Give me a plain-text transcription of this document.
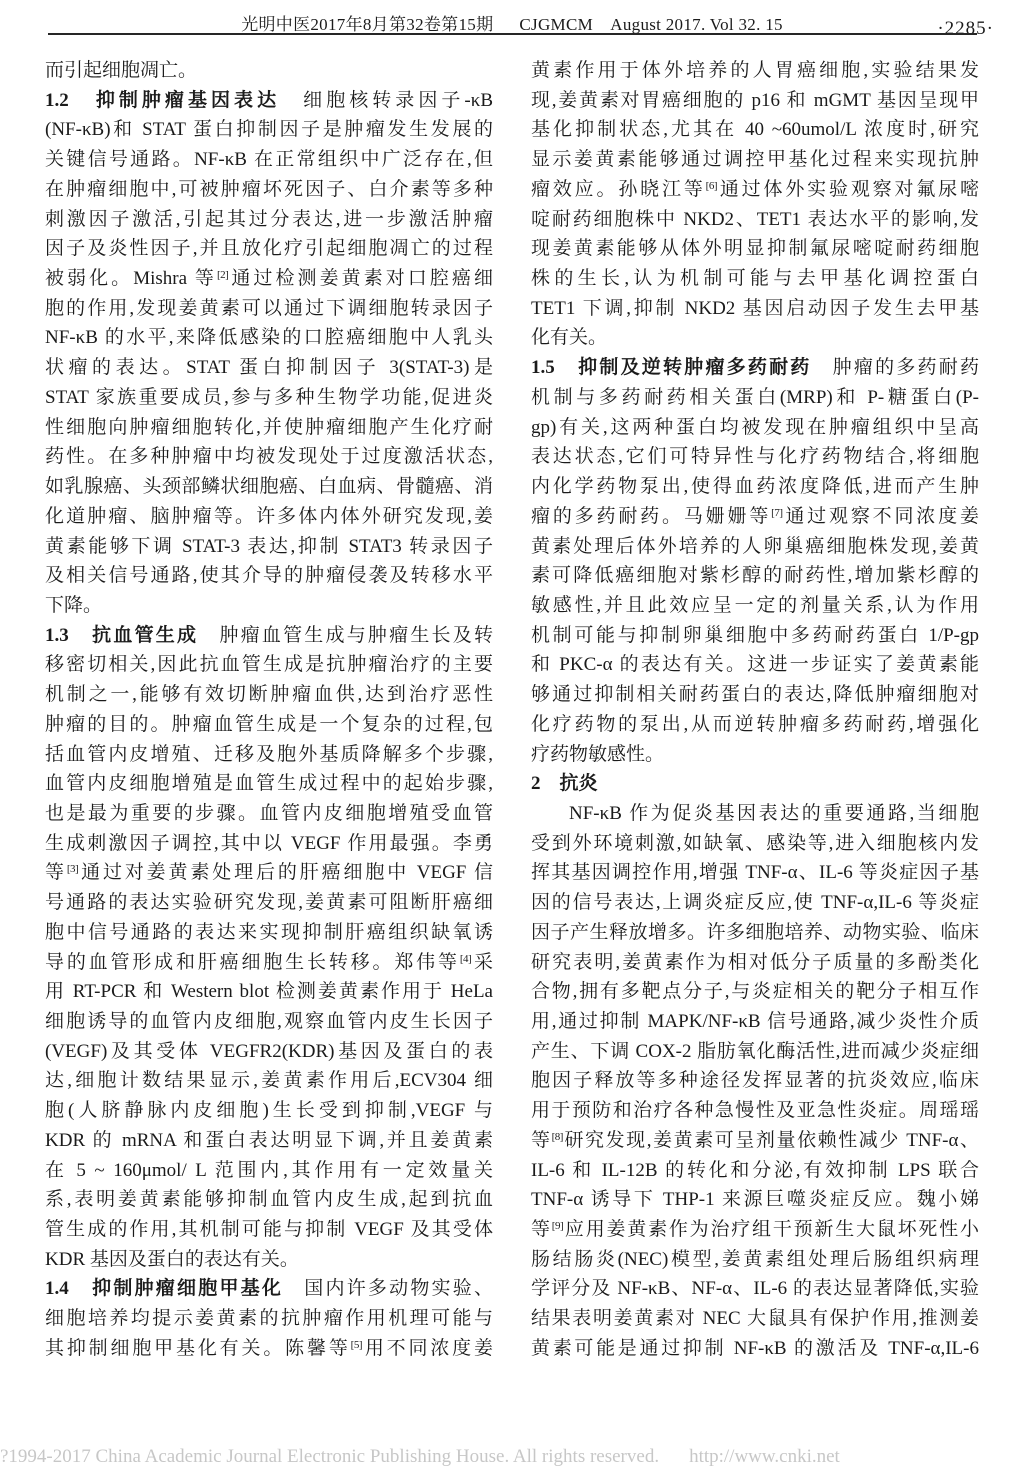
光明中医2017年8月第32卷第15期 CJGMCM　August 2017. Vol 32. 15	·2285·
而引起细胞凋亡。
1.2　抑制肿瘤基因表达　细胞核转录因子-κB
(NF-κB)和 STAT 蛋白抑制因子是肿瘤发生发展的
关键信号通路。NF-κB 在正常组织中广泛存在,但
在肿瘤细胞中,可被肿瘤坏死因子、白介素等多种
刺激因子激活,引起其过分表达,进一步激活肿瘤
因子及炎性因子,并且放化疗引起细胞凋亡的过程
被弱化。Mishra 等[2]通过检测姜黄素对口腔癌细
胞的作用,发现姜黄素可以通过下调细胞转录因子
NF-κB 的水平,来降低感染的口腔癌细胞中人乳头
状瘤的表达。STAT 蛋白抑制因子 3(STAT-3)是
STAT 家族重要成员,参与多种生物学功能,促进炎
性细胞向肿瘤细胞转化,并使肿瘤细胞产生化疗耐
药性。在多种肿瘤中均被发现处于过度激活状态,
如乳腺癌、头颈部鳞状细胞癌、白血病、骨髓癌、消
化道肿瘤、脑肿瘤等。许多体内体外研究发现,姜
黄素能够下调 STAT-3 表达,抑制 STAT3 转录因子
及相关信号通路,使其介导的肿瘤侵袭及转移水平
下降。
1.3　抗血管生成　肿瘤血管生成与肿瘤生长及转
移密切相关,因此抗血管生成是抗肿瘤治疗的主要
机制之一,能够有效切断肿瘤血供,达到治疗恶性
肿瘤的目的。肿瘤血管生成是一个复杂的过程,包
括血管内皮增殖、迁移及胞外基质降解多个步骤,
血管内皮细胞增殖是血管生成过程中的起始步骤,
也是最为重要的步骤。血管内皮细胞增殖受血管
生成刺激因子调控,其中以 VEGF 作用最强。李勇
等[3]通过对姜黄素处理后的肝癌细胞中 VEGF 信
号通路的表达实验研究发现,姜黄素可阻断肝癌细
胞中信号通路的表达来实现抑制肝癌组织缺氧诱
导的血管形成和肝癌细胞生长转移。郑伟等[4]采
用 RT-PCR 和 Western blot 检测姜黄素作用于 HeLa
细胞诱导的血管内皮细胞,观察血管内皮生长因子
(VEGF)及其受体 VEGFR2(KDR)基因及蛋白的表
达,细胞计数结果显示,姜黄素作用后,ECV304 细
胞(人脐静脉内皮细胞)生长受到抑制,VEGF 与
KDR 的 mRNA 和蛋白表达明显下调,并且姜黄素
在 5 ~ 160μmol/ L 范围内,其作用有一定效量关
系,表明姜黄素能够抑制血管内皮生成,起到抗血
管生成的作用,其机制可能与抑制 VEGF 及其受体
KDR 基因及蛋白的表达有关。
1.4　抑制肿瘤细胞甲基化　国内许多动物实验、
细胞培养均提示姜黄素的抗肿瘤作用机理可能与
其抑制细胞甲基化有关。陈馨等[5]用不同浓度姜
黄素作用于体外培养的人胃癌细胞,实验结果发
现,姜黄素对胃癌细胞的 p16 和 mGMT 基因呈现甲
基化抑制状态,尤其在 40 ~60umol/L 浓度时,研究
显示姜黄素能够通过调控甲基化过程来实现抗肿
瘤效应。孙晓江等[6]通过体外实验观察对氟尿嘧
啶耐药细胞株中 NKD2、TET1 表达水平的影响,发
现姜黄素能够从体外明显抑制氟尿嘧啶耐药细胞
株的生长,认为机制可能与去甲基化调控蛋白
TET1 下调,抑制 NKD2 基因启动因子发生去甲基
化有关。
1.5　抑制及逆转肿瘤多药耐药　肿瘤的多药耐药
机制与多药耐药相关蛋白(MRP)和 P-糖蛋白(P-
gp)有关,这两种蛋白均被发现在肿瘤组织中呈高
表达状态,它们可特异性与化疗药物结合,将细胞
内化学药物泵出,使得血药浓度降低,进而产生肿
瘤的多药耐药。马姗姗等[7]通过观察不同浓度姜
黄素处理后体外培养的人卵巢癌细胞株发现,姜黄
素可降低癌细胞对紫杉醇的耐药性,增加紫杉醇的
敏感性,并且此效应呈一定的剂量关系,认为作用
机制可能与抑制卵巢细胞中多药耐药蛋白 1/P-gp
和 PKC-α 的表达有关。这进一步证实了姜黄素能
够通过抑制相关耐药蛋白的表达,降低肿瘤细胞对
化疗药物的泵出,从而逆转肿瘤多药耐药,增强化
疗药物敏感性。
2　抗炎
NF-κB 作为促炎基因表达的重要通路,当细胞
受到外环境刺激,如缺氧、感染等,进入细胞核内发
挥其基因调控作用,增强 TNF-α、IL-6 等炎症因子基
因的信号表达,上调炎症反应,使 TNF-α,IL-6 等炎症
因子产生释放增多。许多细胞培养、动物实验、临床
研究表明,姜黄素作为相对低分子质量的多酚类化
合物,拥有多靶点分子,与炎症相关的靶分子相互作
用,通过抑制 MAPK/NF-κB 信号通路,减少炎性介质
产生、下调 COX-2 脂肪氧化酶活性,进而减少炎症细
胞因子释放等多种途径发挥显著的抗炎效应,临床
用于预防和治疗各种急慢性及亚急性炎症。周瑶瑶
等[8]研究发现,姜黄素可呈剂量依赖性减少 TNF-α、
IL-6 和 IL-12B 的转化和分泌,有效抑制 LPS 联合
TNF-α 诱导下 THP-1 来源巨噬炎症反应。魏小娣
等[9]应用姜黄素作为治疗组干预新生大鼠坏死性小
肠结肠炎(NEC)模型,姜黄素组处理后肠组织病理
学评分及 NF-κB、NF-α、IL-6 的表达显著降低,实验
结果表明姜黄素对 NEC 大鼠具有保护作用,推测姜
黄素可能是通过抑制 NF-κB 的激活及 TNF-α,IL-6
?1994-2017 China Academic Journal Electronic Publishing House. All rights reserved. http://www.cnki.net
